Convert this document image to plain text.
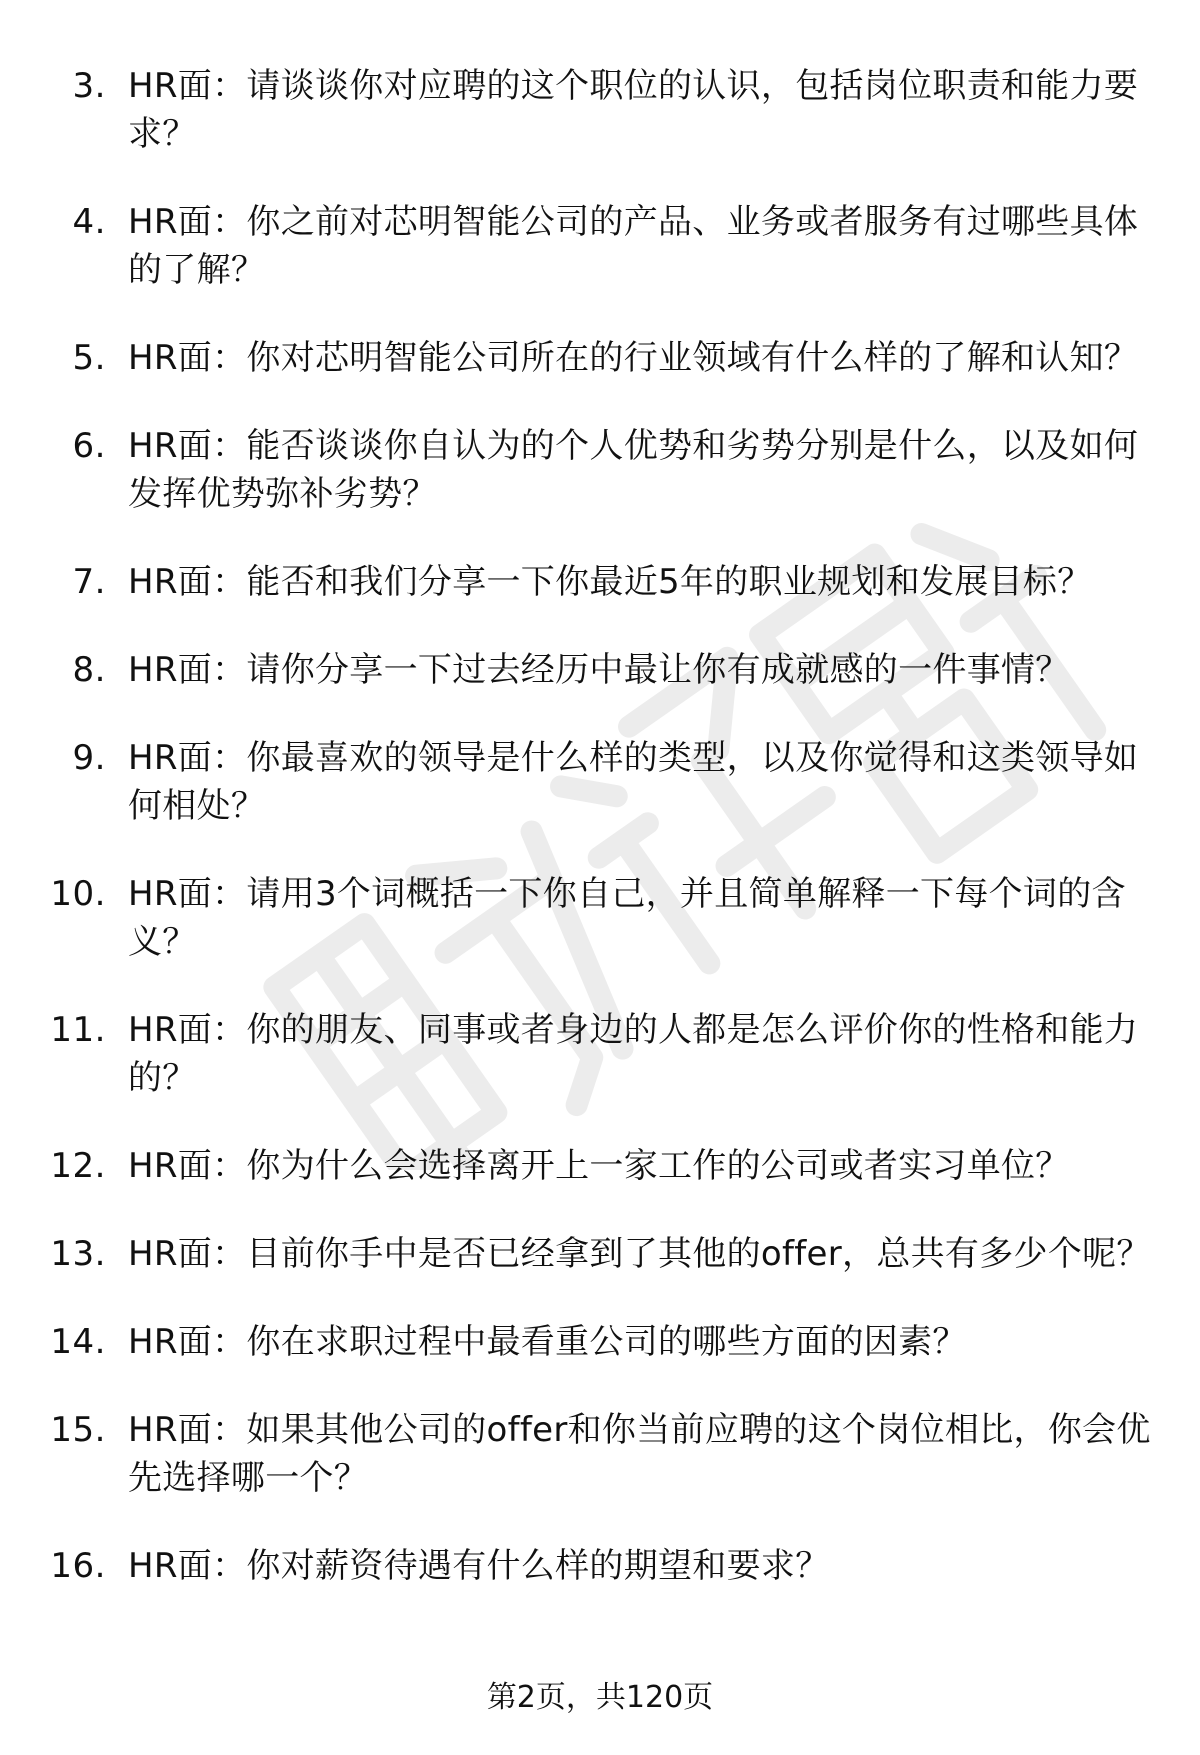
3. HR面：请谈谈你对应聘的这个职位的认识，包括岗位职责和能力要求？
4. HR面：你之前对芯明智能公司的产品、业务或者服务有过哪些具体的了解？
5. HR面：你对芯明智能公司所在的行业领域有什么样的了解和认知？
6. HR面：能否谈谈你自认为的个人优势和劣势分别是什么，以及如何发挥优势弥补劣势？
7. HR面：能否和我们分享一下你最近5年的职业规划和发展目标？
8. HR面：请你分享一下过去经历中最让你有成就感的一件事情？
9. HR面：你最喜欢的领导是什么样的类型，以及你觉得和这类领导如何相处？
10. HR面：请用3个词概括一下你自己，并且简单解释一下每个词的含义？
11. HR面：你的朋友、同事或者身边的人都是怎么评价你的性格和能力的？
12. HR面：你为什么会选择离开上一家工作的公司或者实习单位？
13. HR面：目前你手中是否已经拿到了其他的offer，总共有多少个呢？
14. HR面：你在求职过程中最看重公司的哪些方面的因素？
15. HR面：如果其他公司的offer和你当前应聘的这个岗位相比，你会优先选择哪一个？
16. HR面：你对薪资待遇有什么样的期望和要求？
第2页，共120页
